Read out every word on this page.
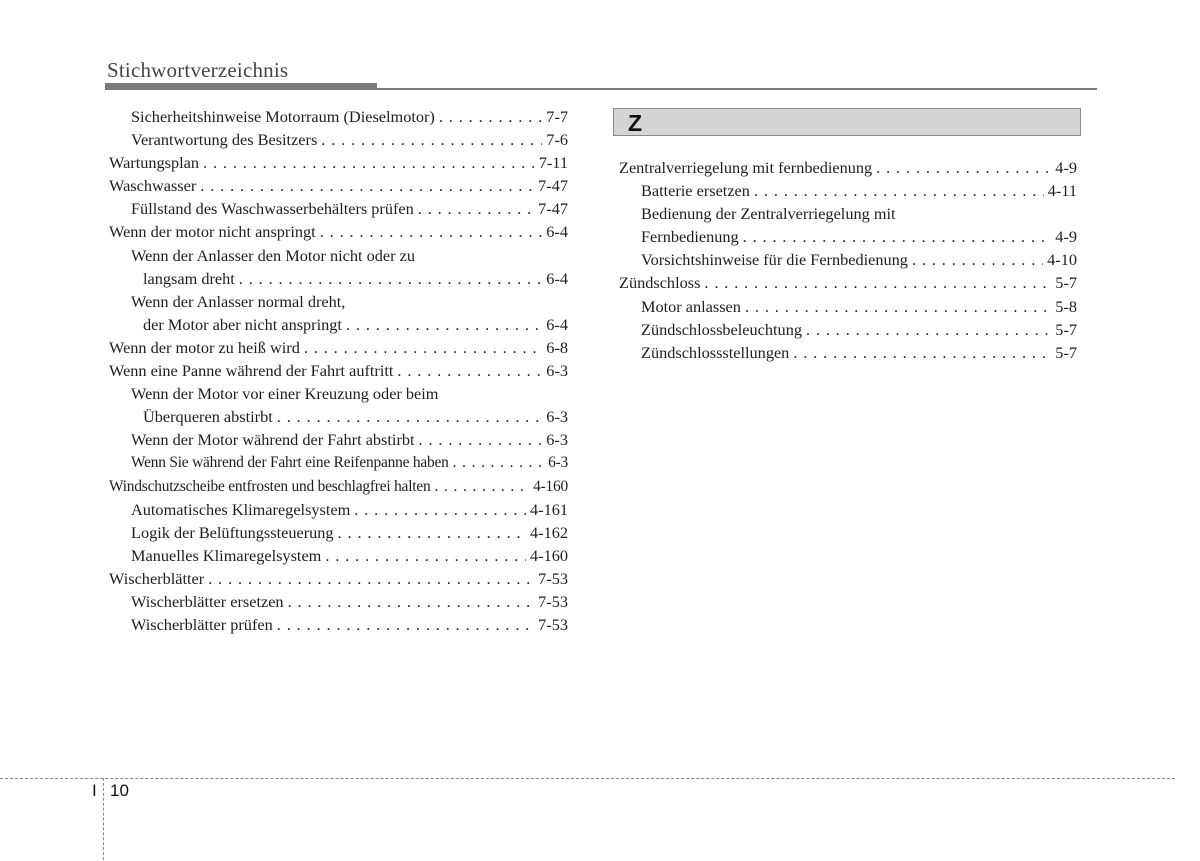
Stichwortverzeichnis
Sicherheitshinweise Motorraum (Dieselmotor) . . .	7-7
Verantwortung des Besitzers . . .	7-6
Wartungsplan . . .	7-11
Waschwasser . . .	7-47
Füllstand des Waschwasserbehälters prüfen . . .	7-47
Wenn der motor nicht anspringt . . .	6-4
Wenn der Anlasser den Motor nicht oder zu
langsam dreht . . .	6-4
Wenn der Anlasser normal dreht,
der Motor aber nicht anspringt . . .	6-4
Wenn der motor zu heiß wird . . .	6-8
Wenn eine Panne während der Fahrt auftritt . . .	6-3
Wenn der Motor vor einer Kreuzung oder beim
Überqueren abstirbt . . .	6-3
Wenn der Motor während der Fahrt abstirbt . . .	6-3
Wenn Sie während der Fahrt eine Reifenpanne haben . . .	6-3
Windschutzscheibe entfrosten und beschlagfrei halten . . .	4-160
Automatisches Klimaregelsystem . . .	4-161
Logik der Belüftungssteuerung . . .	4-162
Manuelles Klimaregelsystem . . .	4-160
Wischerblätter . . .	7-53
Wischerblätter ersetzen . . .	7-53
Wischerblätter prüfen . . .	7-53
Z
Zentralverriegelung mit fernbedienung . . .	4-9
Batterie ersetzen . . .	4-11
Bedienung der Zentralverriegelung mit
Fernbedienung . . .	4-9
Vorsichtshinweise für die Fernbedienung . . .	4-10
Zündschloss . . .	5-7
Motor anlassen . . .	5-8
Zündschlossbeleuchtung . . .	5-7
Zündschlossstellungen . . .	5-7
I 10
